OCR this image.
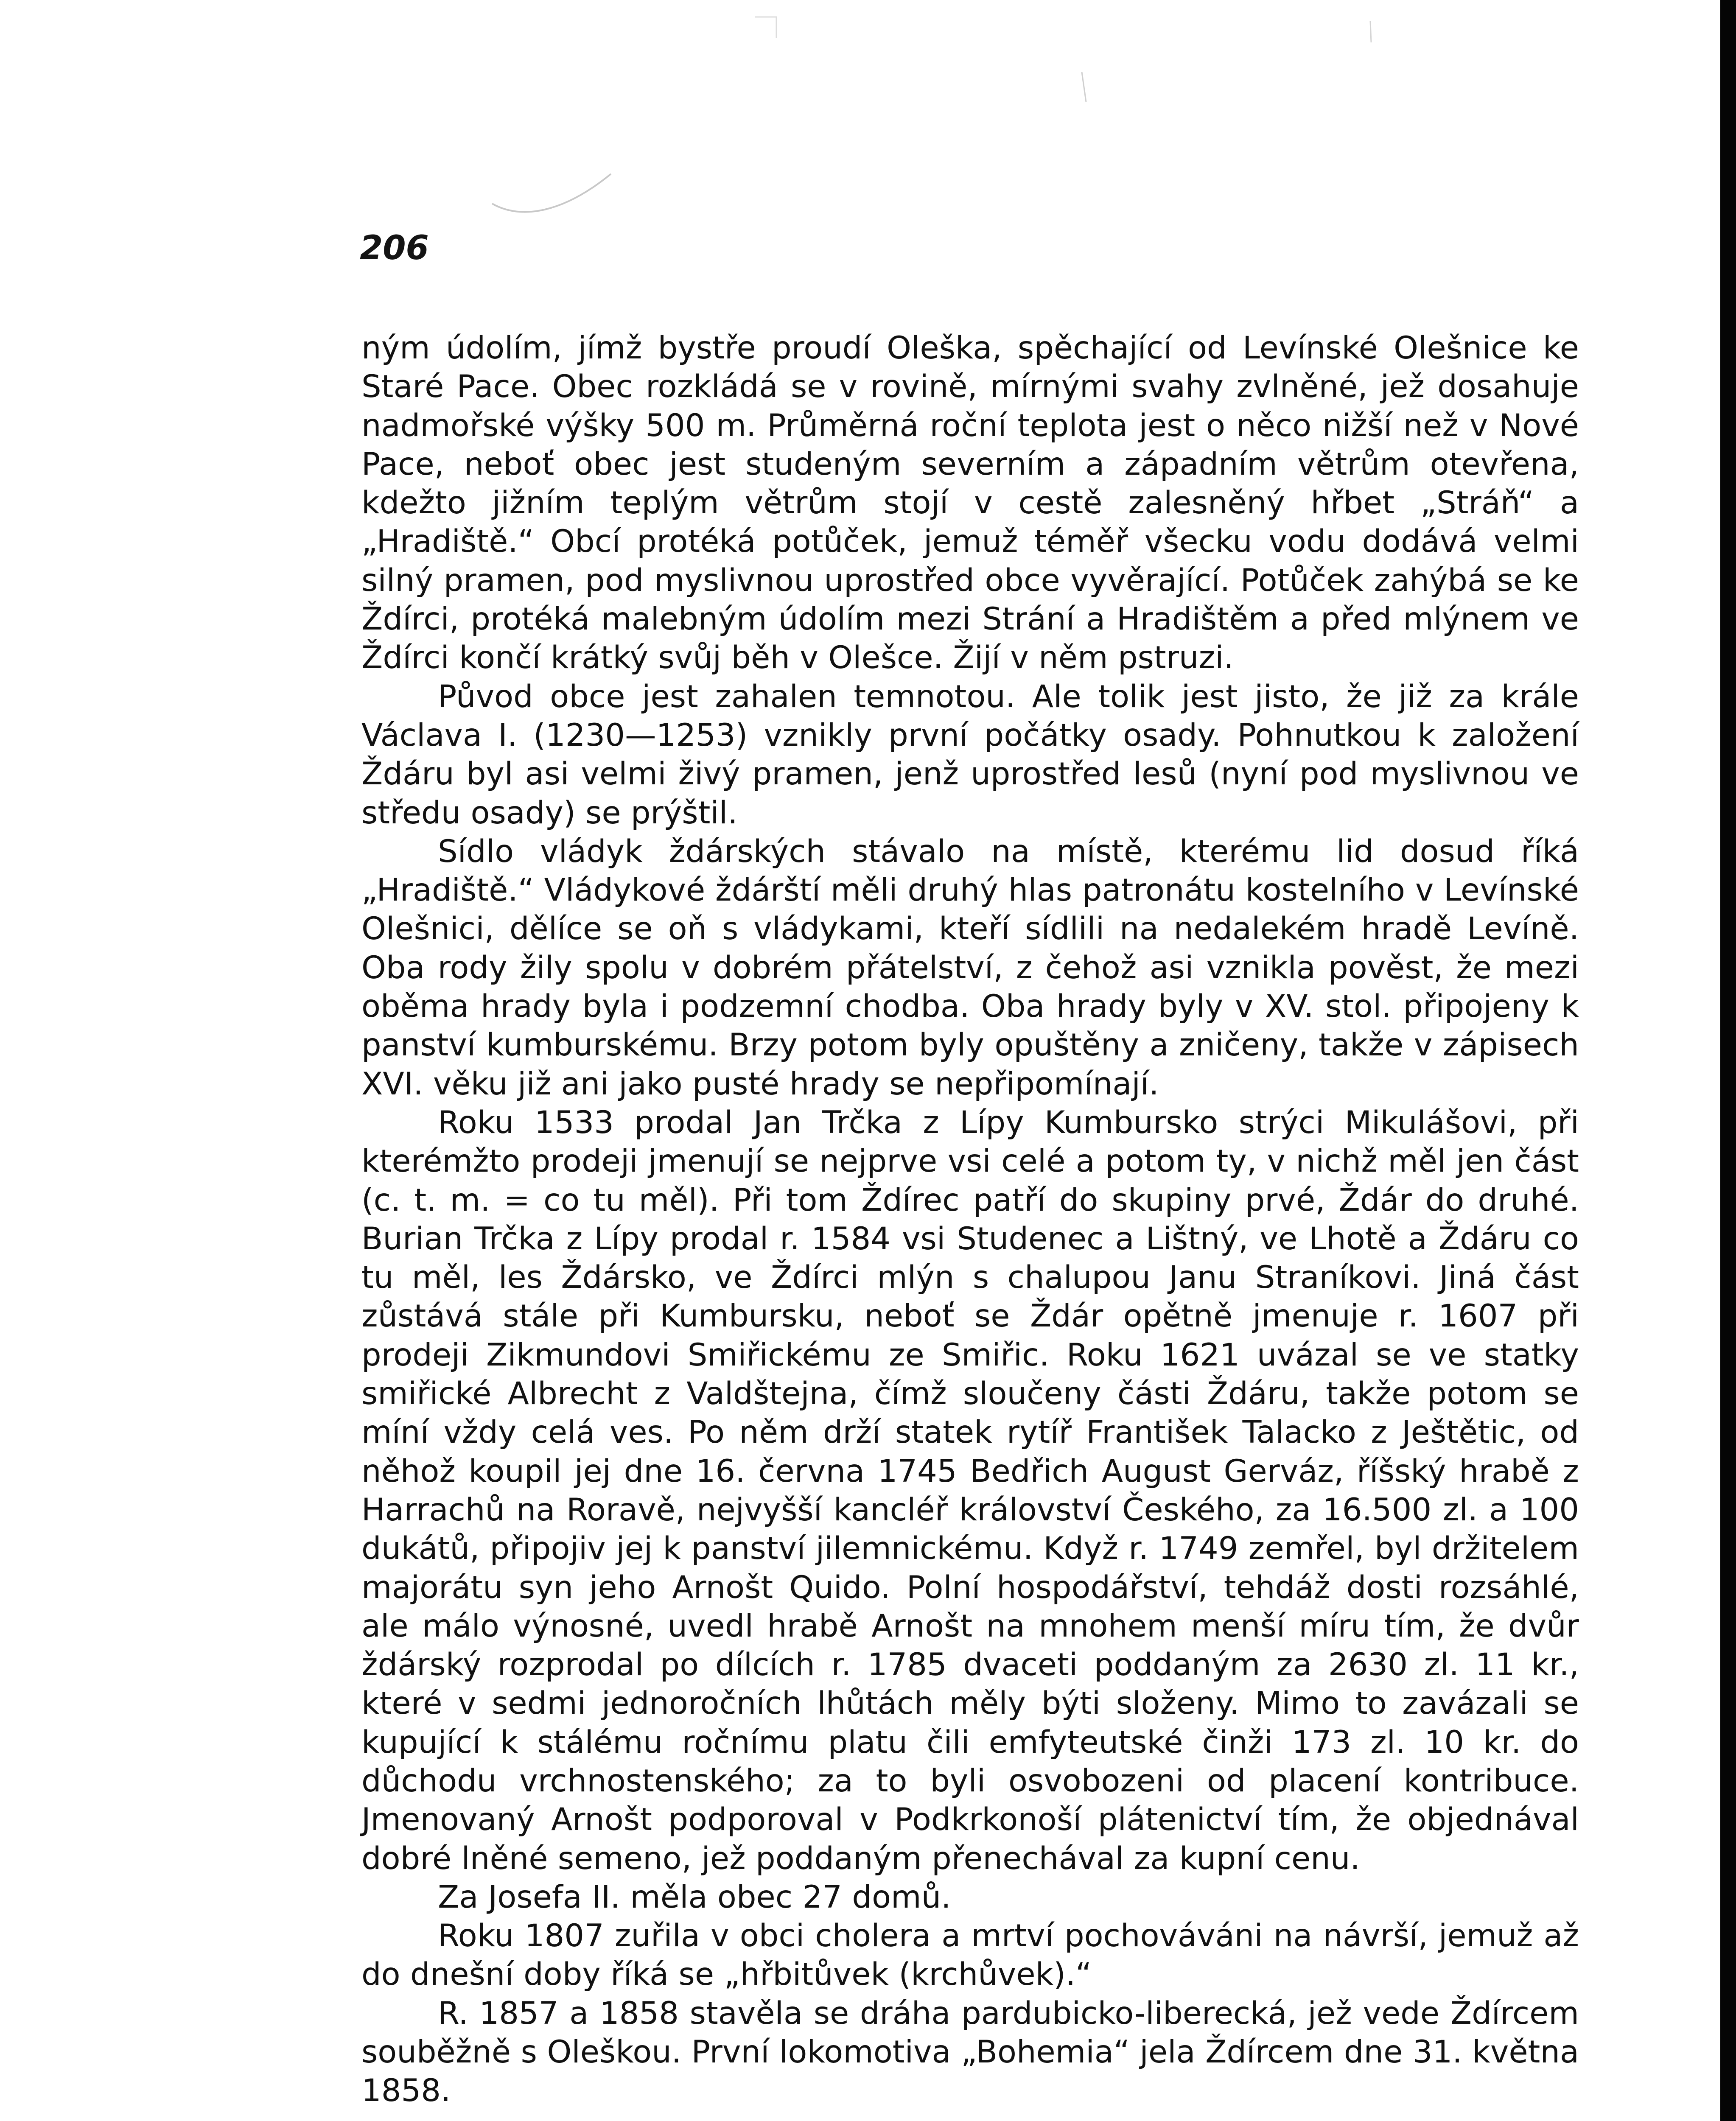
206

ným údolím, jímž bystře proudí Oleška, spěchající od Levínské Olešnice ke Staré Pace. Obec rozkládá se v rovině, mírnými svahy zvlněné, jež dosahuje nadmořské výšky 500 m. Průměrná roční teplota jest o něco nižší než v Nové Pace, neboť obec jest studeným severním a západním větrům otevřena, kdežto jižním teplým větrům stojí v cestě zalesněný hřbet „Stráň“ a „Hradiště.“ Obcí protéká potůček, jemuž téměř všecku vodu dodává velmi silný pramen, pod myslivnou uprostřed obce vyvěrající. Potůček zahýbá se ke Ždírci, protéká malebným údolím mezi Strání a Hradištěm a před mlýnem ve Ždírci končí krátký svůj běh v Olešce. Žijí v něm pstruzi.

Původ obce jest zahalen temnotou. Ale tolik jest jisto, že již za krále Václava I. (1230—1253) vznikly první počátky osady. Pohnutkou k založení Ždáru byl asi velmi živý pramen, jenž uprostřed lesů (nyní pod myslivnou ve středu osady) se prýštil.

Sídlo vládyk ždárských stávalo na místě, kterému lid dosud říká „Hradiště.“ Vládykové ždárští měli druhý hlas patronátu kostelního v Levínské Olešnici, dělíce se oň s vládykami, kteří sídlili na nedalekém hradě Levíně. Oba rody žily spolu v dobrém přátelství, z čehož asi vznikla pověst, že mezi oběma hrady byla i podzemní chodba. Oba hrady byly v XV. stol. připojeny k panství kumburskému. Brzy potom byly opuštěny a zničeny, takže v zápisech XVI. věku již ani jako pusté hrady se nepřipomínají.

Roku 1533 prodal Jan Trčka z Lípy Kumbursko strýci Mikulášovi, při kterémžto prodeji jmenují se nejprve vsi celé a potom ty, v nichž měl jen část (c. t. m. = co tu měl). Při tom Ždírec patří do skupiny prvé, Ždár do druhé. Burian Trčka z Lípy prodal r. 1584 vsi Studenec a Lištný, ve Lhotě a Ždáru co tu měl, les Ždársko, ve Ždírci mlýn s chalupou Janu Straníkovi. Jiná část zůstává stále při Kumbursku, neboť se Ždár opětně jmenuje r. 1607 při prodeji Zikmundovi Smiřickému ze Smiřic. Roku 1621 uvázal se ve statky smiřické Albrecht z Valdštejna, čímž sloučeny části Ždáru, takže potom se míní vždy celá ves. Po něm drží statek rytíř František Talacko z Ještětic, od něhož koupil jej dne 16. června 1745 Bedřich August Gerváz, říšský hrabě z Harrachů na Roravě, nejvyšší kancléř království Českého, za 16.500 zl. a 100 dukátů, připojiv jej k panství jilemnickému. Když r. 1749 zemřel, byl držitelem majorátu syn jeho Arnošt Quido. Polní hospodářství, tehdáž dosti rozsáhlé, ale málo výnosné, uvedl hrabě Arnošt na mnohem menší míru tím, že dvůr ždárský rozprodal po dílcích r. 1785 dvaceti poddaným za 2630 zl. 11 kr., které v sedmi jednoročních lhůtách měly býti složeny. Mimo to zavázali se kupující k stálému ročnímu platu čili emfyteutské činži 173 zl. 10 kr. do důchodu vrchnostenského; za to byli osvobozeni od placení kontribuce. Jmenovaný Arnošt podporoval v Podkrkonoší plátenictví tím, že objednával dobré lněné semeno, jež poddaným přenechával za kupní cenu.

Za Josefa II. měla obec 27 domů.

Roku 1807 zuřila v obci cholera a mrtví pochováváni na návrší, jemuž až do dnešní doby říká se „hřbitůvek (krchůvek).“

R. 1857 a 1858 stavěla se dráha pardubicko-liberecká, jež vede Ždírcem souběžně s Oleškou. První lokomotiva „Bohemia“ jela Ždírcem dne 31. května 1858.
